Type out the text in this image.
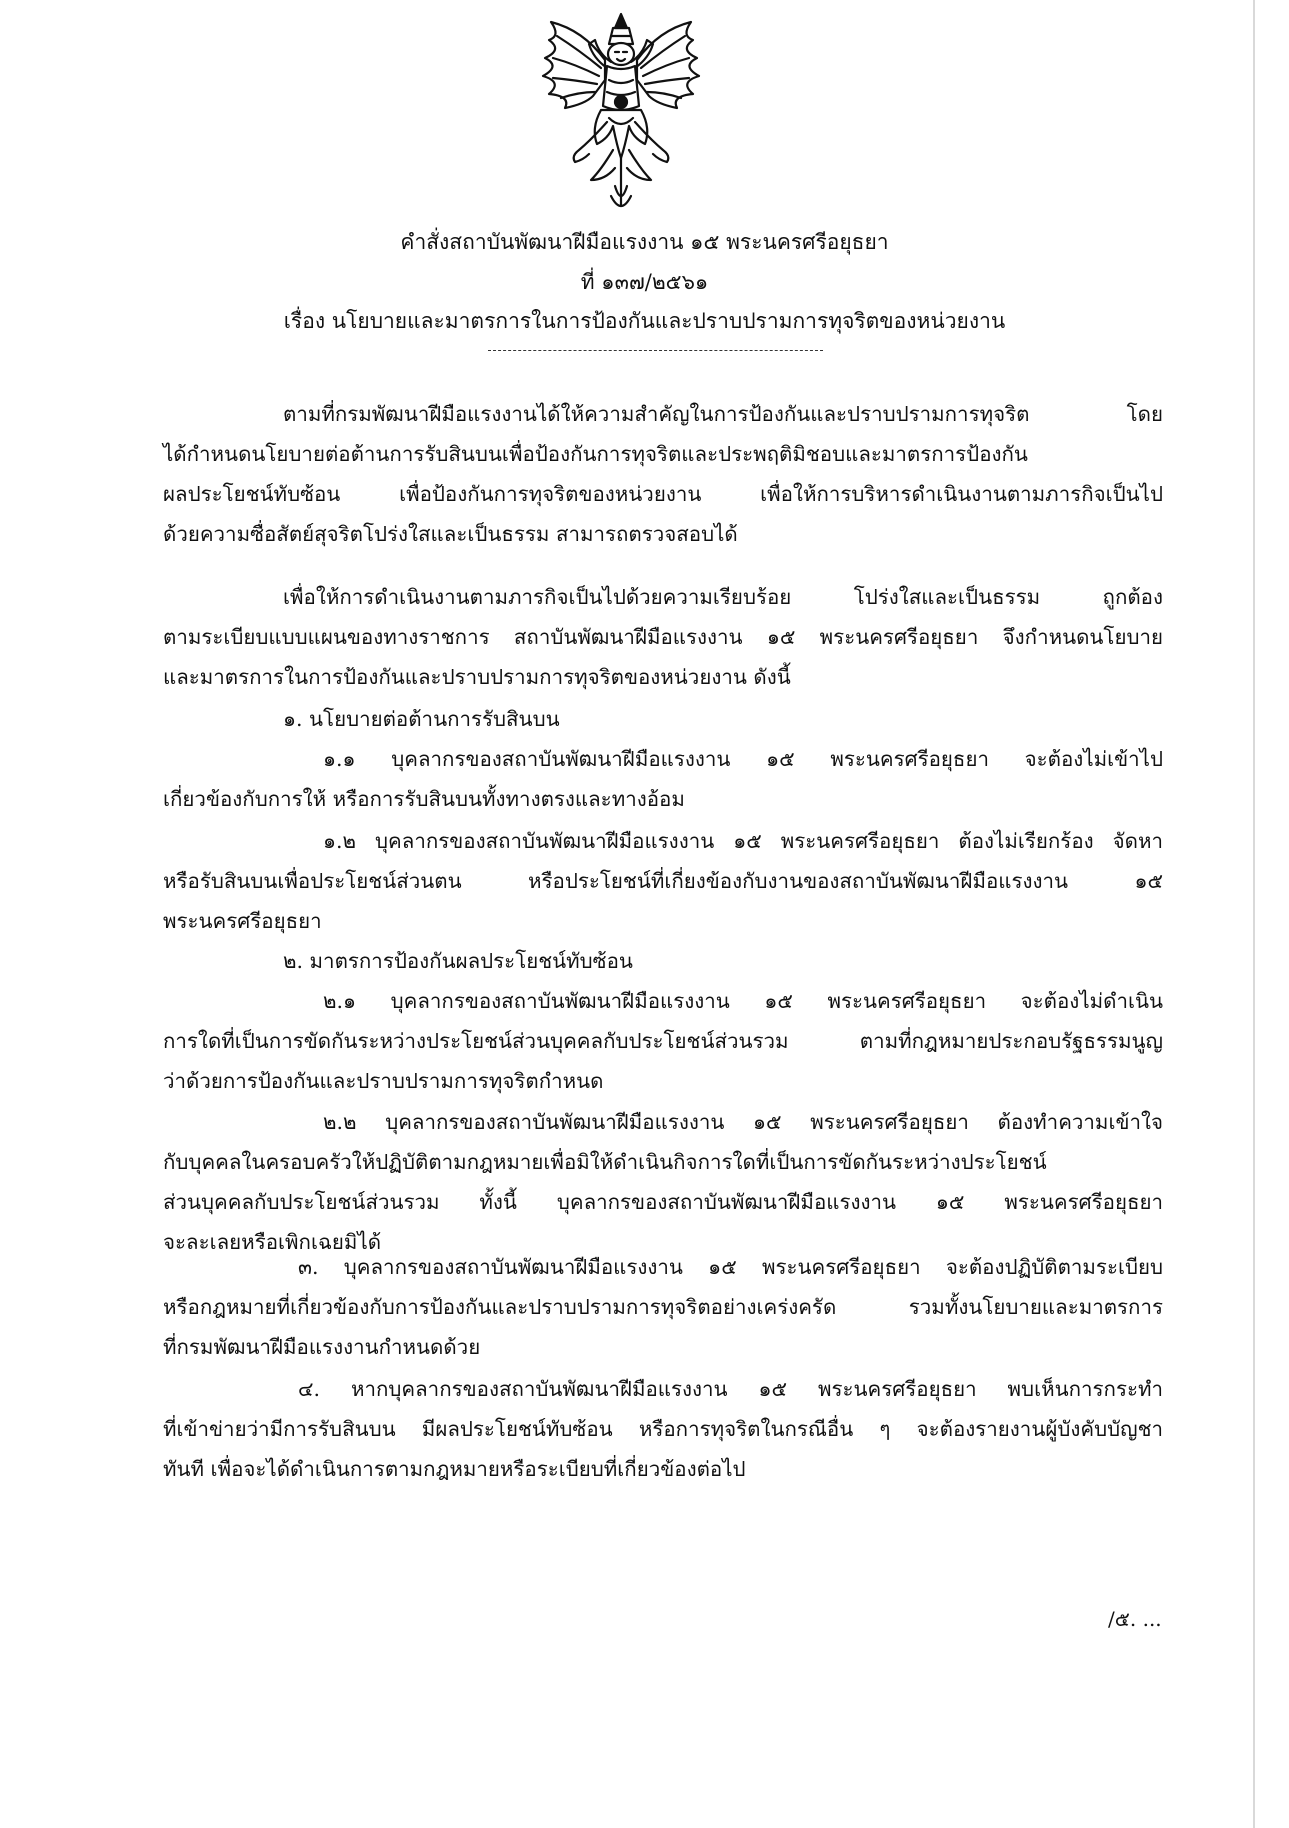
คำสั่งสถาบันพัฒนาฝีมือแรงงาน ๑๕ พระนครศรีอยุธยา
ที่ ๑๓๗/๒๕๖๑
เรื่อง นโยบายและมาตรการในการป้องกันและปราบปรามการทุจริตของหน่วยงาน
ตามที่กรมพัฒนาฝีมือแรงงานได้ให้ความสำคัญในการป้องกันและปราบปรามการทุจริต โดย
ได้กำหนดนโยบายต่อต้านการรับสินบนเพื่อป้องกันการทุจริตและประพฤติมิชอบและมาตรการป้องกัน
ผลประโยชน์ทับซ้อน เพื่อป้องกันการทุจริตของหน่วยงาน เพื่อให้การบริหารดำเนินงานตามภารกิจเป็นไป
ด้วยความซื่อสัตย์สุจริตโปร่งใสและเป็นธรรม สามารถตรวจสอบได้
เพื่อให้การดำเนินงานตามภารกิจเป็นไปด้วยความเรียบร้อย โปร่งใสและเป็นธรรม ถูกต้อง
ตามระเบียบแบบแผนของทางราชการ สถาบันพัฒนาฝีมือแรงงาน ๑๕ พระนครศรีอยุธยา จึงกำหนดนโยบาย
และมาตรการในการป้องกันและปราบปรามการทุจริตของหน่วยงาน ดังนี้
๑. นโยบายต่อต้านการรับสินบน
๑.๑ บุคลากรของสถาบันพัฒนาฝีมือแรงงาน ๑๕ พระนครศรีอยุธยา จะต้องไม่เข้าไป
เกี่ยวข้องกับการให้ หรือการรับสินบนทั้งทางตรงและทางอ้อม
๑.๒ บุคลากรของสถาบันพัฒนาฝีมือแรงงาน ๑๕ พระนครศรีอยุธยา ต้องไม่เรียกร้อง จัดหา
หรือรับสินบนเพื่อประโยชน์ส่วนตน หรือประโยชน์ที่เกี่ยงข้องกับงานของสถาบันพัฒนาฝีมือแรงงาน ๑๕
พระนครศรีอยุธยา
๒. มาตรการป้องกันผลประโยชน์ทับซ้อน
๒.๑ บุคลากรของสถาบันพัฒนาฝีมือแรงงาน ๑๕ พระนครศรีอยุธยา จะต้องไม่ดำเนิน
การใดที่เป็นการขัดกันระหว่างประโยชน์ส่วนบุคคลกับประโยชน์ส่วนรวม ตามที่กฎหมายประกอบรัฐธรรมนูญ
ว่าด้วยการป้องกันและปราบปรามการทุจริตกำหนด
๒.๒ บุคลากรของสถาบันพัฒนาฝีมือแรงงาน ๑๕ พระนครศรีอยุธยา ต้องทำความเข้าใจ
กับบุคคลในครอบครัวให้ปฏิบัติตามกฎหมายเพื่อมิให้ดำเนินกิจการใดที่เป็นการขัดกันระหว่างประโยชน์
ส่วนบุคคลกับประโยชน์ส่วนรวม ทั้งนี้ บุคลากรของสถาบันพัฒนาฝีมือแรงงาน ๑๕ พระนครศรีอยุธยา
จะละเลยหรือเพิกเฉยมิได้
๓. บุคลากรของสถาบันพัฒนาฝีมือแรงงาน ๑๕ พระนครศรีอยุธยา จะต้องปฏิบัติตามระเบียบ
หรือกฎหมายที่เกี่ยวข้องกับการป้องกันและปราบปรามการทุจริตอย่างเคร่งครัด รวมทั้งนโยบายและมาตรการ
ที่กรมพัฒนาฝีมือแรงงานกำหนดด้วย
๔. หากบุคลากรของสถาบันพัฒนาฝีมือแรงงาน ๑๕ พระนครศรีอยุธยา พบเห็นการกระทำ
ที่เข้าข่ายว่ามีการรับสินบน มีผลประโยชน์ทับซ้อน หรือการทุจริตในกรณีอื่น ๆ จะต้องรายงานผู้บังคับบัญชา
ทันที เพื่อจะได้ดำเนินการตามกฎหมายหรือระเบียบที่เกี่ยวข้องต่อไป
/๕. ...
